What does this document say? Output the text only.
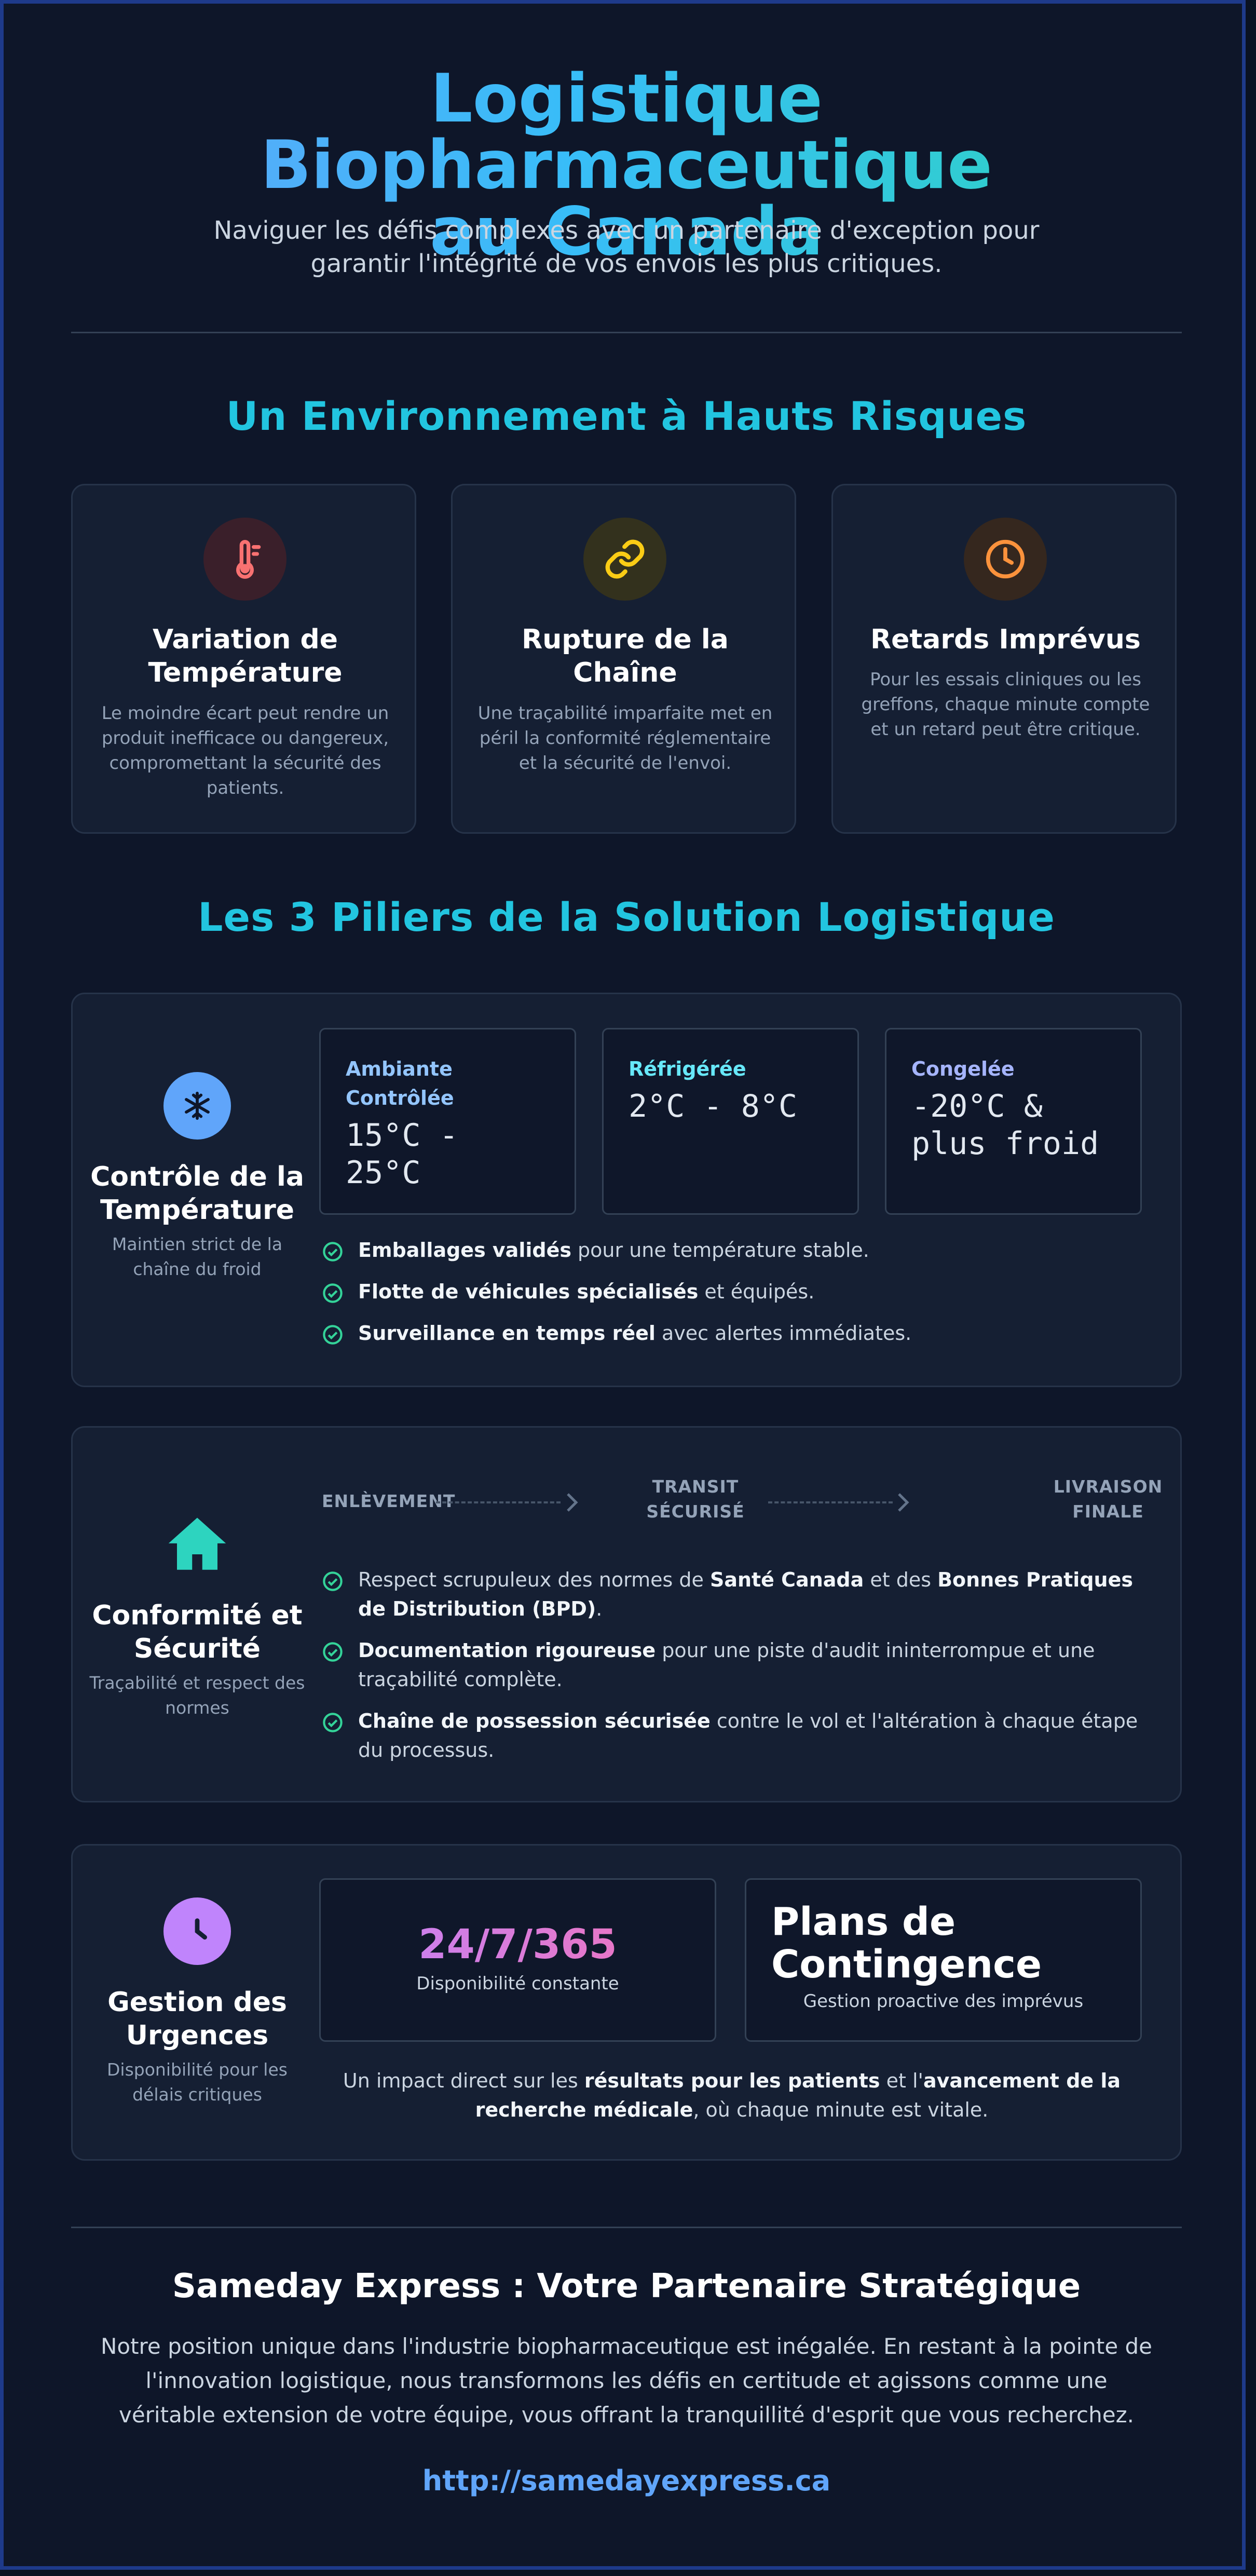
Logistique Biopharmaceutique
au Canada

Naviguer les défis complexes avec un partenaire d'exception pour garantir l'intégrité de vos envois les plus critiques.

Un Environnement à Hauts Risques
Variation de Température
Le moindre écart peut rendre un produit inefficace ou dangereux, compromettant la sécurité des patients.
Rupture de la Chaîne
Une traçabilité imparfaite met en péril la conformité réglementaire et la sécurité de l'envoi.
Retards Imprévus
Pour les essais cliniques ou les greffons, chaque minute compte et un retard peut être critique.
Les 3 Piliers de la Solution Logistique
Contrôle de la Température
Maintien strict de la chaîne du froid
Ambiante Contrôlée
15°C - 25°C
Réfrigérée
2°C - 8°C
Congelée
-20°C & plus froid
Emballages validés pour une température stable.
Flotte de véhicules spécialisés et équipés.
Surveillance en temps réel avec alertes immédiates.
Conformité et Sécurité
Traçabilité et respect des normes
ENLÈVEMENT
TRANSIT SÉCURISÉ
LIVRAISON FINALE
Respect scrupuleux des normes de Santé Canada et des Bonnes Pratiques de Distribution (BPD).
Documentation rigoureuse pour une piste d'audit ininterrompue et une traçabilité complète.
Chaîne de possession sécurisée contre le vol et l'altération à chaque étape du processus.
Gestion des Urgences
Disponibilité pour les délais critiques
24/7/365
Disponibilité constante
Plans de Contingence
Gestion proactive des imprévus
Un impact direct sur les résultats pour les patients et l'avancement de la recherche médicale, où chaque minute est vitale.
Sameday Express : Votre Partenaire Stratégique

Notre position unique dans l'industrie biopharmaceutique est inégalée. En restant à la pointe de l'innovation logistique, nous transformons les défis en certitude et agissons comme une véritable extension de votre équipe, vous offrant la tranquillité d'esprit que vous recherchez.

http://samedayexpress.ca
